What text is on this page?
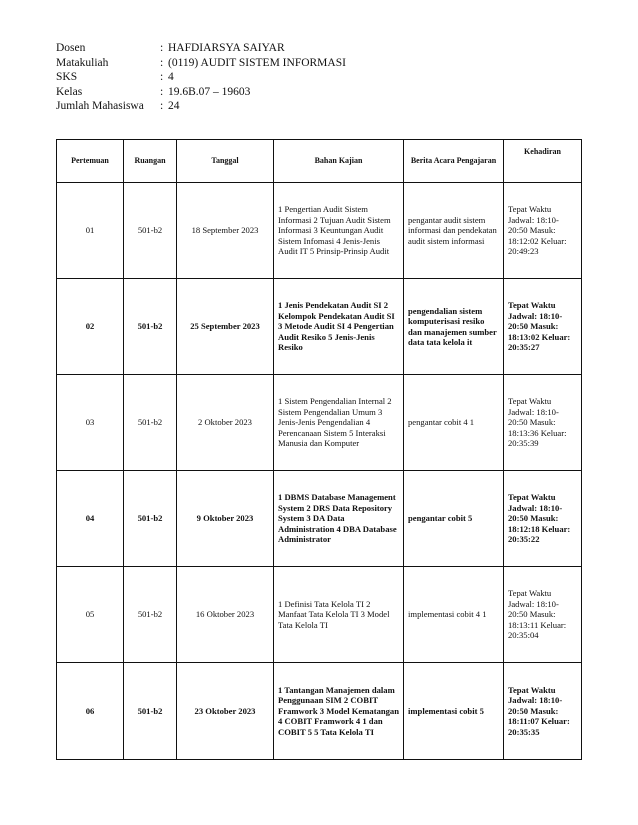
Dosen	: HAFDIARSYA SAIYAR
Matakuliah	: (0119) AUDIT SISTEM INFORMASI
SKS	: 4
Kelas	: 19.6B.07 – 19603
Jumlah Mahasiswa	: 24
Pertemuan	Ruangan	Tanggal	Bahan Kajian	Berita Acara Pengajaran	Kehadiran
01	501-b2	18 September 2023	1 Pengertian Audit Sistem Informasi 2 Tujuan Audit Sistem Informasi 3 Keuntungan Audit Sistem Infomasi 4 Jenis-Jenis Audit IT 5 Prinsip-Prinsip Audit	pengantar audit sistem informasi dan pendekatan audit sistem informasi	Tepat Waktu Jadwal: 18:10-20:50 Masuk: 18:12:02 Keluar: 20:49:23
02	501-b2	25 September 2023	1 Jenis Pendekatan Audit SI 2 Kelompok Pendekatan Audit SI 3 Metode Audit SI 4 Pengertian Audit Resiko 5 Jenis-Jenis Resiko	pengendalian sistem komputerisasi resiko dan manajemen sumber data tata kelola it	Tepat Waktu Jadwal: 18:10-20:50 Masuk: 18:13:02 Keluar: 20:35:27
03	501-b2	2 Oktober 2023	1 Sistem Pengendalian Internal 2 Sistem Pengendalian Umum 3 Jenis-Jenis Pengendalian 4 Perencanaan Sistem 5 Interaksi Manusia dan Komputer	pengantar cobit 4 1	Tepat Waktu Jadwal: 18:10-20:50 Masuk: 18:13:36 Keluar: 20:35:39
04	501-b2	9 Oktober 2023	1 DBMS Database Management System 2 DRS Data Repository System 3 DA Data Administration 4 DBA Database Administrator	pengantar cobit 5	Tepat Waktu Jadwal: 18:10-20:50 Masuk: 18:12:18 Keluar: 20:35:22
05	501-b2	16 Oktober 2023	1 Definisi Tata Kelola TI 2 Manfaat Tata Kelola TI 3 Model Tata Kelola TI	implementasi cobit 4 1	Tepat Waktu Jadwal: 18:10-20:50 Masuk: 18:13:11 Keluar: 20:35:04
06	501-b2	23 Oktober 2023	1 Tantangan Manajemen dalam Penggunaan SIM 2 COBIT Framwork 3 Model Kematangan 4 COBIT Framwork 4 1 dan COBIT 5 5 Tata Kelola TI	implementasi cobit 5	Tepat Waktu Jadwal: 18:10-20:50 Masuk: 18:11:07 Keluar: 20:35:35
